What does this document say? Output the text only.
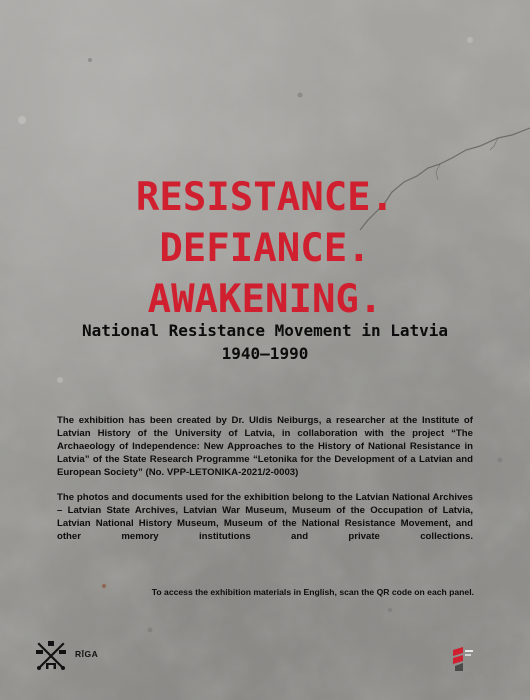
RESISTANCE.
DEFIANCE.
AWAKENING.
National Resistance Movement in Latvia
1940–1990

The exhibition has been created by Dr. Uldis Neiburgs, a researcher at the Institute of Latvian History of the University of Latvia, in collaboration with the project “The Archaeology of Independence: New Approaches to the History of National Resistance in Latvia” of the State Research Programme “Letonika for the Development of a Latvian and European Society” (No. VPP-LETONIKA-2021/2-0003)

The photos and documents used for the exhibition belong to the Latvian National Archives – Latvian State Archives, Latvian War Museum, Museum of the Occupation of Latvia, Latvian National History Museum, Museum of the National Resistance Movement, and other memory institutions and private collections.

To access the exhibition materials in English, scan the QR code on each panel.

RĪGA
